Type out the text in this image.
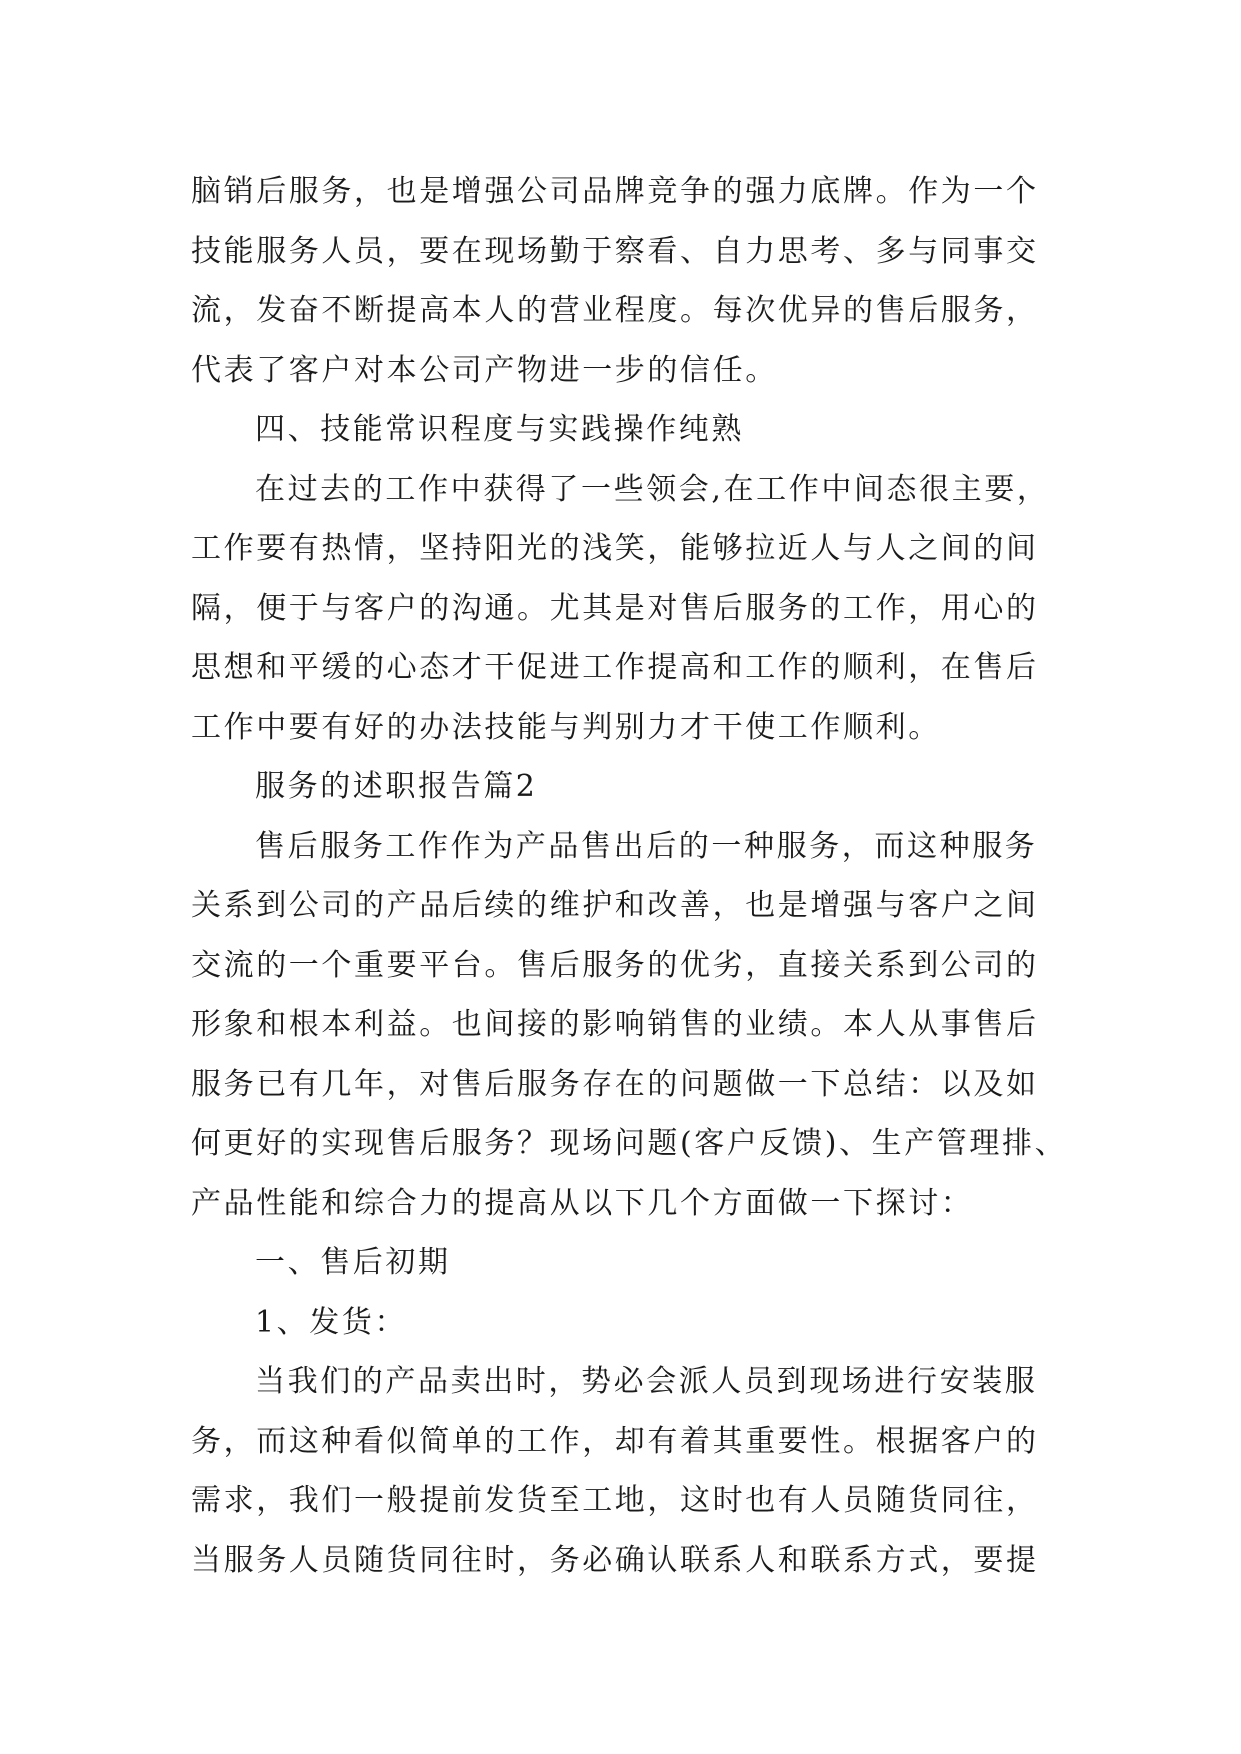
脑销后服务，也是增强公司品牌竞争的强力底牌。作为一个
技能服务人员，要在现场勤于察看、自力思考、多与同事交
流，发奋不断提高本人的营业程度。每次优异的售后服务，
代表了客户对本公司产物进一步的信任。
四、技能常识程度与实践操作纯熟
在过去的工作中获得了一些领会,在工作中间态很主要，
工作要有热情，坚持阳光的浅笑，能够拉近人与人之间的间
隔，便于与客户的沟通。尤其是对售后服务的工作，用心的
思想和平缓的心态才干促进工作提高和工作的顺利，在售后
工作中要有好的办法技能与判别力才干使工作顺利。
服务的述职报告篇2
售后服务工作作为产品售出后的一种服务，而这种服务
关系到公司的产品后续的维护和改善，也是增强与客户之间
交流的一个重要平台。售后服务的优劣，直接关系到公司的
形象和根本利益。也间接的影响销售的业绩。本人从事售后
服务已有几年，对售后服务存在的问题做一下总结：以及如
何更好的实现售后服务？现场问题(客户反馈)、生产管理排、
产品性能和综合力的提高从以下几个方面做一下探讨：
一、售后初期
1、发货：
当我们的产品卖出时，势必会派人员到现场进行安装服
务，而这种看似简单的工作，却有着其重要性。根据客户的
需求，我们一般提前发货至工地，这时也有人员随货同往，
当服务人员随货同往时，务必确认联系人和联系方式，要提
